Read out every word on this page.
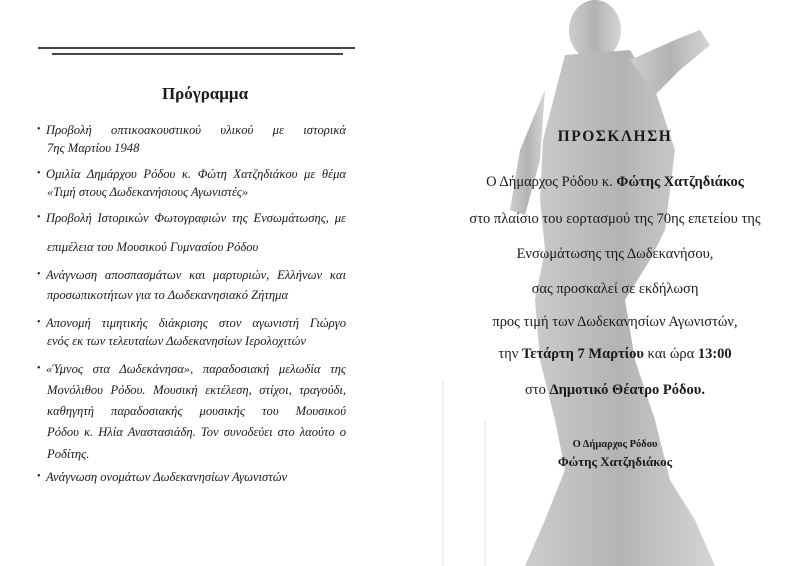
Πρόγραμμα
• Προβολή οπτικοακουστικού υλικού με ιστορικά
7ης Μαρτίου 1948
• Ομιλία Δημάρχου Ρόδου κ. Φώτη Χατζηδιάκου με θέμα
«Τιμή στους Δωδεκανήσιους Αγωνιστές»
• Προβολή Ιστορικών Φωτογραφιών της Ενσωμάτωσης, με
επιμέλεια του Μουσικού Γυμνασίου Ρόδου
• Ανάγνωση αποσπασμάτων και μαρτυριών, Ελλήνων και
προσωπικοτήτων για το Δωδεκανησιακό Ζήτημα
• Απονομή τιμητικής διάκρισης στον αγωνιστή Γιώργο
ενός εκ των τελευταίων Δωδεκανησίων Ιερολοχιτών
• «Ύμνος στα Δωδεκάνησα», παραδοσιακή μελωδία της
Μονόλιθου Ρόδου. Μουσική εκτέλεση, στίχοι, τραγούδι,
καθηγητή παραδοσιακής μουσικής του Μουσικού
Ρόδου κ. Ηλία Αναστασιάδη. Τον συνοδεύει στο λαούτο ο
Ροδίτης.
• Ανάγνωση ονομάτων Δωδεκανησίων Αγωνιστών
ΠΡΟΣΚΛΗΣΗ
Ο Δήμαρχος Ρόδου κ. Φώτης Χατζηδιάκος
στο πλαίσιο του εορτασμού της 70ης επετείου της
Ενσωμάτωσης της Δωδεκανήσου,
σας προσκαλεί σε εκδήλωση
προς τιμή των Δωδεκανησίων Αγωνιστών,
την Τετάρτη 7 Μαρτίου και ώρα 13:00
στο Δημοτικό Θέατρο Ρόδου.
Ο Δήμαρχος Ρόδου
Φώτης Χατζηδιάκος
